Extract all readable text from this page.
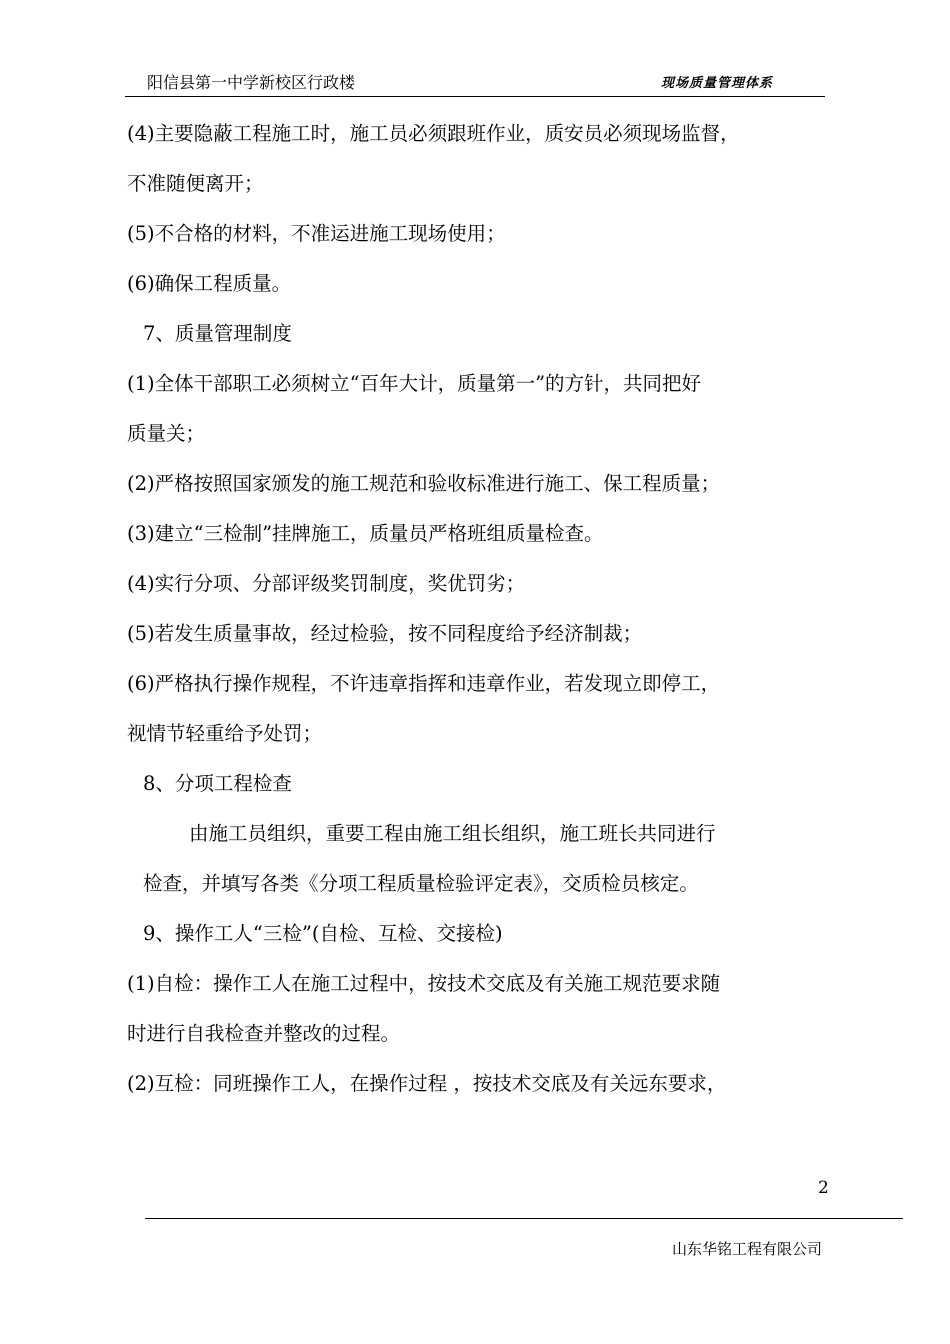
阳信县第一中学新校区行政楼	现场质量管理体系
(4)主要隐蔽工程施工时，施工员必须跟班作业，质安员必须现场监督，
不准随便离开；
(5)不合格的材料，不准运进施工现场使用；
(6)确保工程质量。
7、质量管理制度
(1)全体干部职工必须树立“百年大计，质量第一”的方针，共同把好
质量关；
(2)严格按照国家颁发的施工规范和验收标准进行施工、保工程质量；
(3)建立“三检制”挂牌施工，质量员严格班组质量检查。
(4)实行分项、分部评级奖罚制度，奖优罚劣；
(5)若发生质量事故，经过检验，按不同程度给予经济制裁；
(6)严格执行操作规程，不许违章指挥和违章作业，若发现立即停工，
视情节轻重给予处罚；
8、分项工程检查
由施工员组织，重要工程由施工组长组织，施工班长共同进行
检查，并填写各类《分项工程质量检验评定表》，交质检员核定。
9、操作工人“三检”(自检、互检、交接检)
(1)自检：操作工人在施工过程中，按技术交底及有关施工规范要求随
时进行自我检查并整改的过程。
(2)互检：同班操作工人，在操作过程 ，按技术交底及有关远东要求，
2
山东华铭工程有限公司
